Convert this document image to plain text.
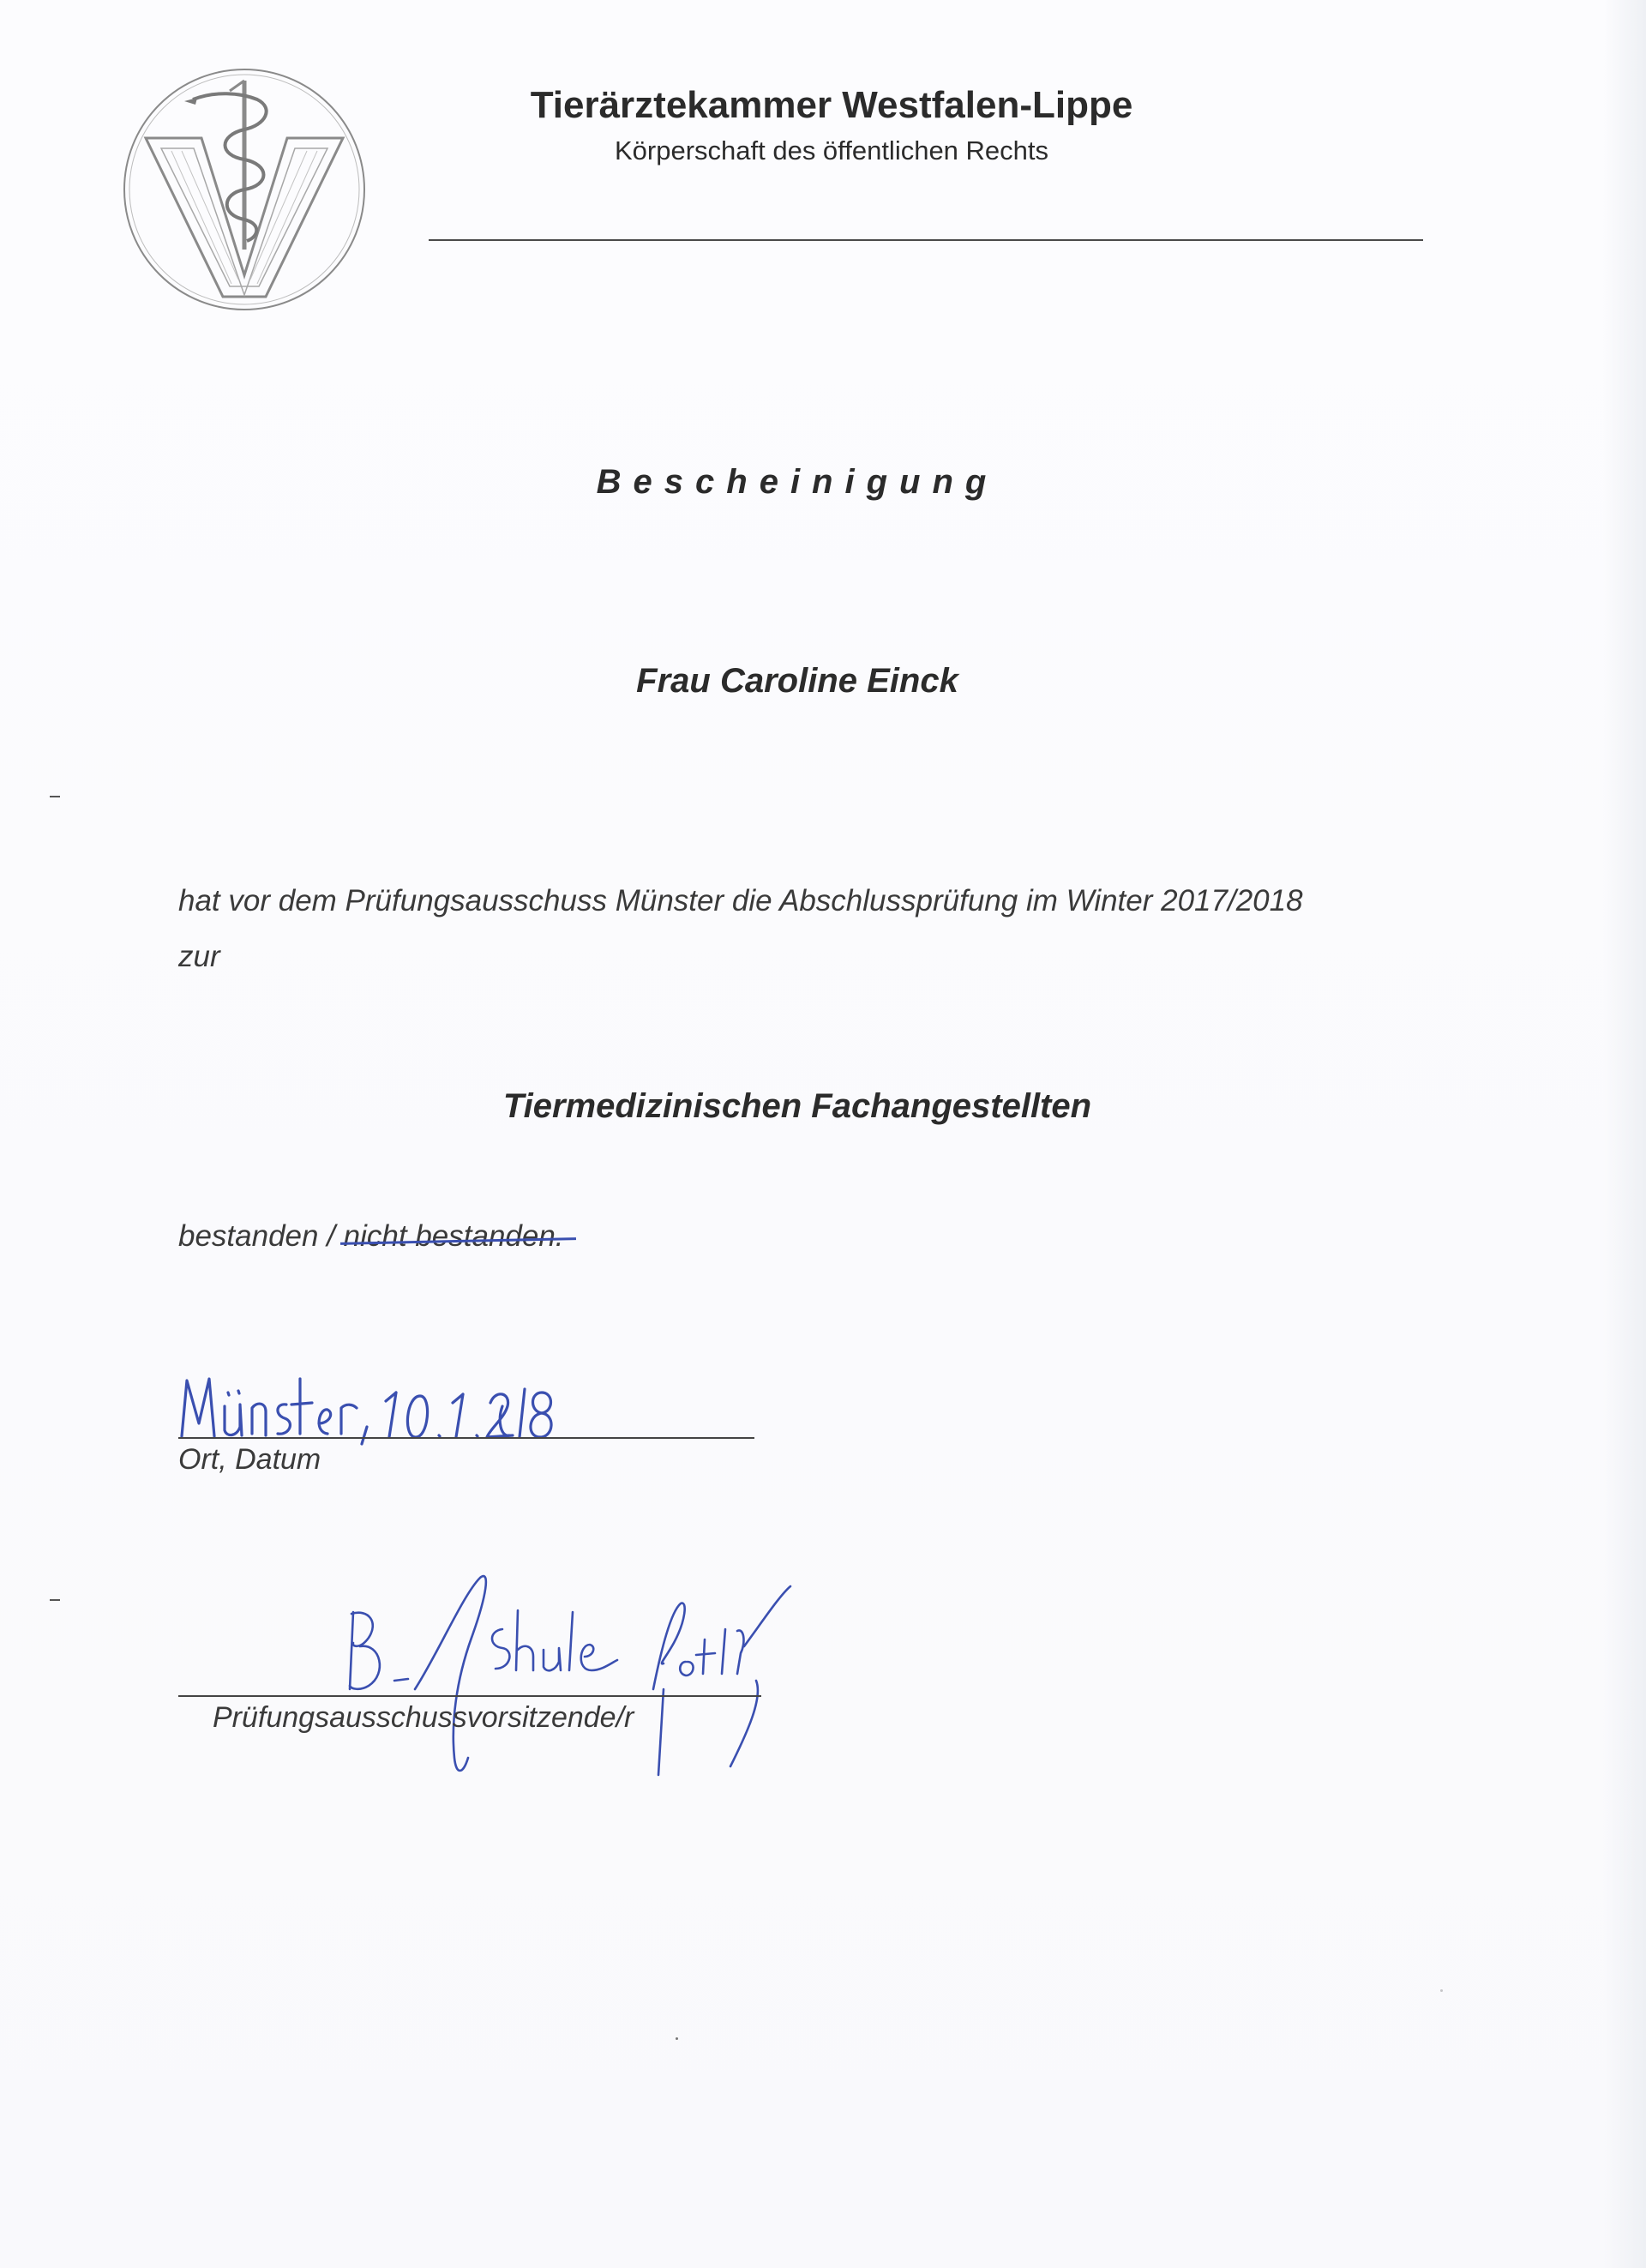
Tierärztekammer Westfalen-Lippe
Körperschaft des öffentlichen Rechts
Bescheinigung
Frau Caroline Einck
hat vor dem Prüfungsausschuss Münster die Abschlussprüfung im Winter 2017/2018
zur
Tiermedizinischen Fachangestellten
bestanden / nicht bestanden.
Ort, Datum
Prüfungsausschussvorsitzende/r
